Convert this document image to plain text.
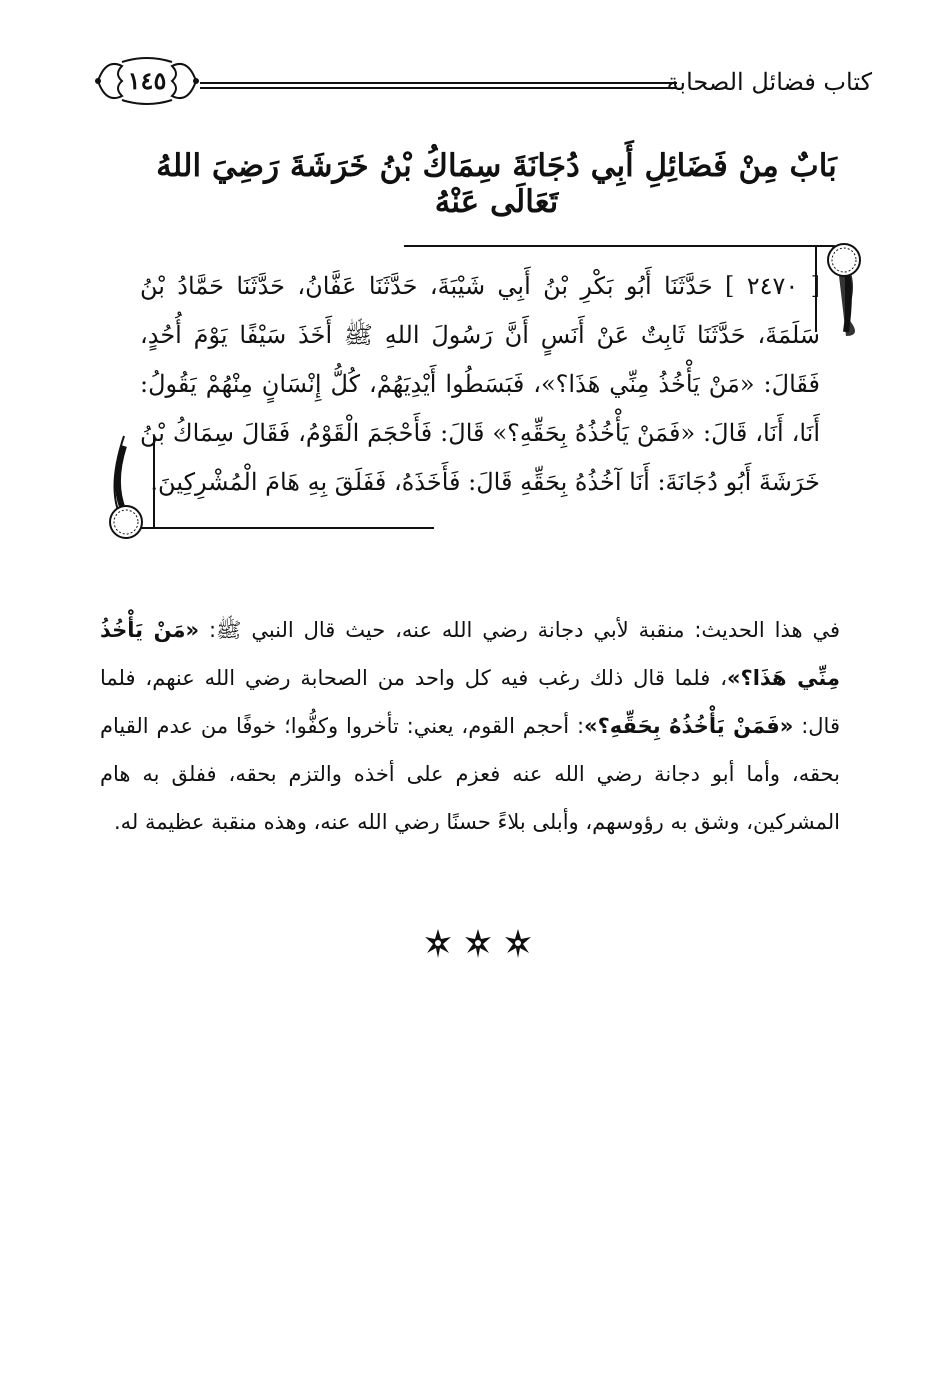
١٤٥	كتاب فضائل الصحابة
بَابٌ مِنْ فَضَائِلِ أَبِي دُجَانَةَ سِمَاكُ بْنُ خَرَشَةَ رَضِيَ اللهُ تَعَالَى عَنْهُ
[ ٢٤٧٠ ] حَدَّثَنَا أَبُو بَكْرِ بْنُ أَبِي شَيْبَةَ، حَدَّثَنَا عَفَّانُ، حَدَّثَنَا حَمَّادُ بْنُ سَلَمَةَ، حَدَّثَنَا ثَابِتٌ عَنْ أَنَسٍ أَنَّ رَسُولَ اللهِ ﷺ أَخَذَ سَيْفًا يَوْمَ أُحُدٍ، فَقَالَ: «مَنْ يَأْخُذُ مِنِّي هَذَا؟»، فَبَسَطُوا أَيْدِيَهُمْ، كُلُّ إِنْسَانٍ مِنْهُمْ يَقُولُ: أَنَا، أَنَا، قَالَ: «فَمَنْ يَأْخُذُهُ بِحَقِّهِ؟» قَالَ: فَأَحْجَمَ الْقَوْمُ، فَقَالَ سِمَاكُ بْنُ خَرَشَةَ أَبُو دُجَانَةَ: أَنَا آخُذُهُ بِحَقِّهِ قَالَ: فَأَخَذَهُ، فَفَلَقَ بِهِ هَامَ الْمُشْرِكِينَ.
في هذا الحديث: منقبة لأبي دجانة رضي الله عنه، حيث قال النبي ﷺ: «مَنْ يَأْخُذُ مِنِّي هَذَا؟»، فلما قال ذلك رغب فيه كل واحد من الصحابة رضي الله عنهم، فلما قال: «فَمَنْ يَأْخُذُهُ بِحَقِّهِ؟»: أحجم القوم، يعني: تأخروا وكفُّوا؛ خوفًا من عدم القيام بحقه، وأما أبو دجانة رضي الله عنه فعزم على أخذه والتزم بحقه، ففلق به هام المشركين، وشق به رؤوسهم، وأبلى بلاءً حسنًا رضي الله عنه، وهذه منقبة عظيمة له.
